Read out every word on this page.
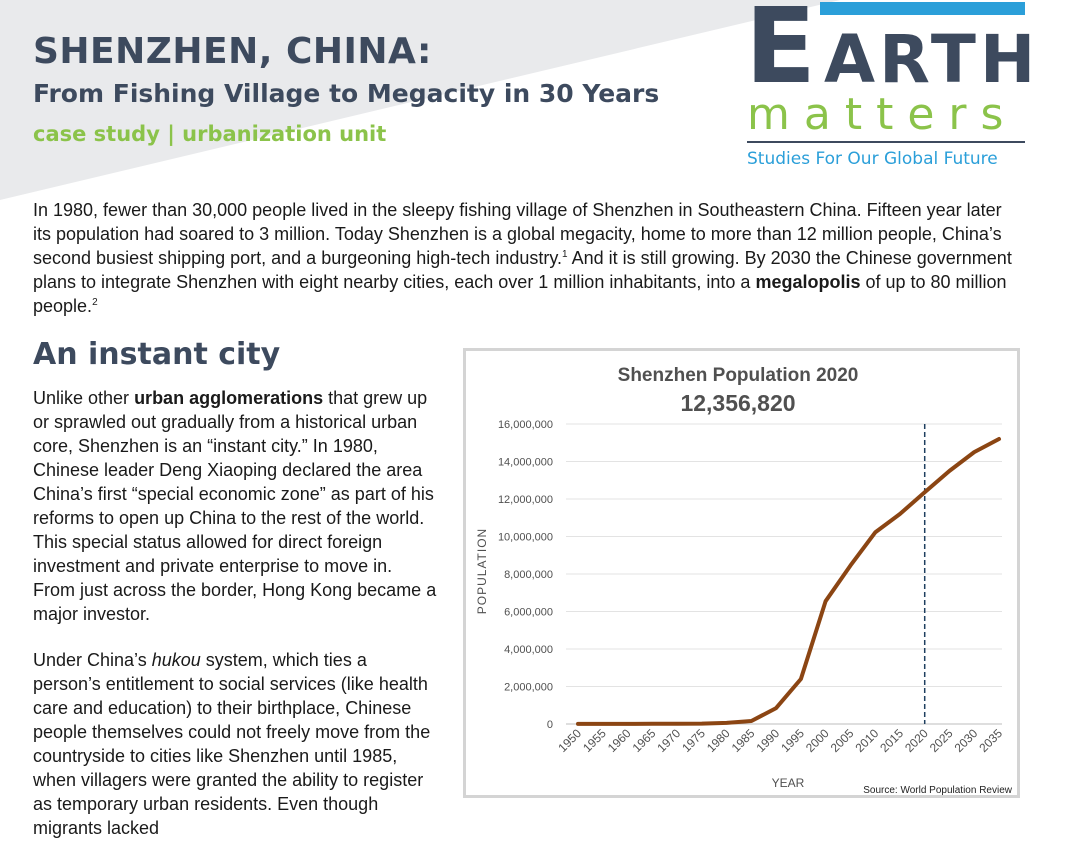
SHENZHEN, CHINA:
From Fishing Village to Megacity in 30 Years
case study | urbanization unit
E ARTH
matters
Studies For Our Global Future

In 1980, fewer than 30,000 people lived in the sleepy fishing village of Shenzhen in Southeastern China. Fifteen year later its population had soared to 3 million. Today Shenzhen is a global megacity, home to more than 12 million people, China’s second busiest shipping port, and a burgeoning high-tech industry.$^1$ And it is still growing. By 2030 the Chinese government plans to integrate Shenzhen with eight nearby cities, each over 1 million inhabitants, into a megalopolis of up to 80 million people.$^2$

An instant city

Unlike other urban agglomerations that grew up or sprawled out gradually from a historical urban core, Shenzhen is an “instant city.” In 1980, Chinese leader Deng Xiaoping declared the area China’s first “special economic zone” as part of his reforms to open up China to the rest of the world. This special status allowed for direct foreign investment and private enterprise to move in. From just across the border, Hong Kong became a major investor.

Under China’s hukou system, which ties a person’s entitlement to social services (like health care and education) to their birthplace, Chinese people themselves could not freely move from the countryside to cities like Shenzhen until 1985, when villagers were granted the ability to register as temporary urban residents. Even though migrants lacked

Shenzhen Population 2020
12,356,820
0
2,000,000
4,000,000
6,000,000
8,000,000
10,000,000
12,000,000
14,000,000
16,000,000
1950
1955
1960
1965
1970
1975
1980
1985
1990
1995
2000
2005
2010
2015
2020
2025
2030
2035
POPULATION
YEAR
Source: World Population Review
